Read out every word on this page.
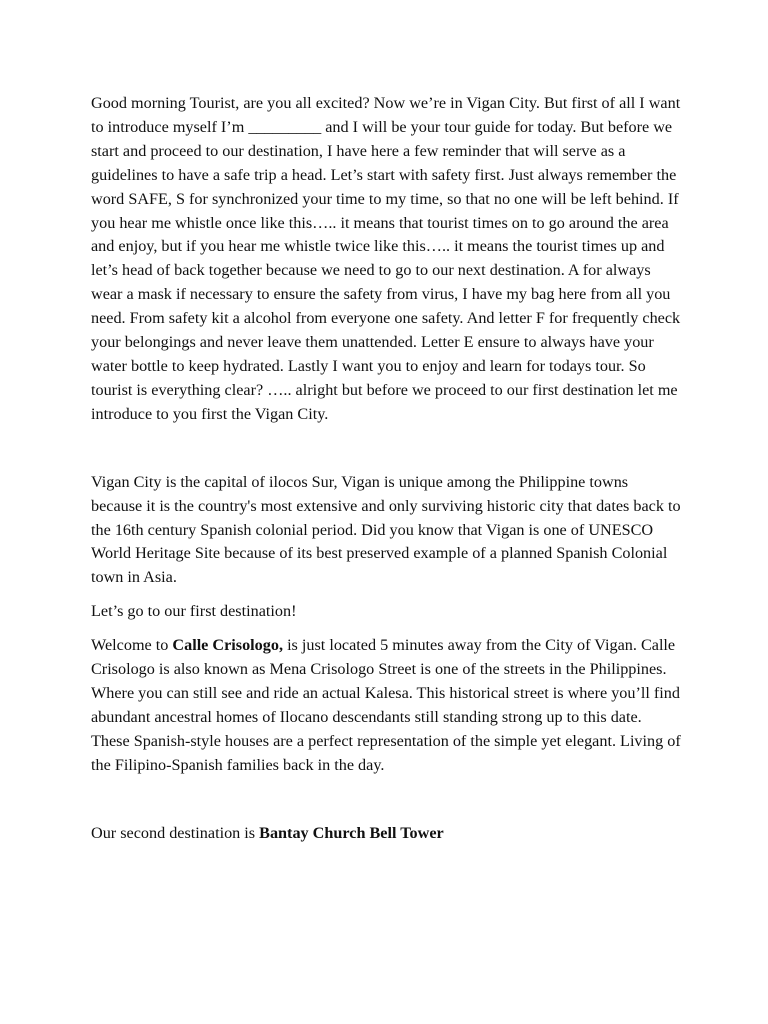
Good morning Tourist, are you all excited? Now we’re in Vigan City. But first of all I want to introduce myself I’m _________ and I will be your tour guide for today. But before we start and proceed to our destination, I have here a few reminder that will serve as a guidelines to have a safe trip a head. Let’s start with safety first. Just always remember the word SAFE, S for synchronized your time to my time, so that no one will be left behind. If you hear me whistle once like this….. it means that tourist times on to go around the area and enjoy, but if you hear me whistle twice like this….. it means the tourist times up and let’s head of back together because we need to go to our next destination. A for always wear a mask if necessary to ensure the safety from virus, I have my bag here from all you need. From safety kit a alcohol from everyone one safety. And letter F for frequently check your belongings and never leave them unattended. Letter E ensure to always have your water bottle to keep hydrated. Lastly I want you to enjoy and learn for todays tour. So tourist is everything clear? ….. alright but before we proceed to our first destination let me introduce to you first the Vigan City.

Vigan City is the capital of ilocos Sur, Vigan is unique among the Philippine towns because it is the country's most extensive and only surviving historic city that dates back to the 16th century Spanish colonial period. Did you know that Vigan is one of UNESCO World Heritage Site because of its best preserved example of a planned Spanish Colonial town in Asia.

Let’s go to our first destination!

Welcome to Calle Crisologo, is just located 5 minutes away from the City of Vigan. Calle Crisologo is also known as Mena Crisologo Street is one of the streets in the Philippines. Where you can still see and ride an actual Kalesa. This historical street is where you’ll find abundant ancestral homes of Ilocano descendants still standing strong up to this date. These Spanish-style houses are a perfect representation of the simple yet elegant. Living of the Filipino-Spanish families back in the day.

Our second destination is Bantay Church Bell Tower
